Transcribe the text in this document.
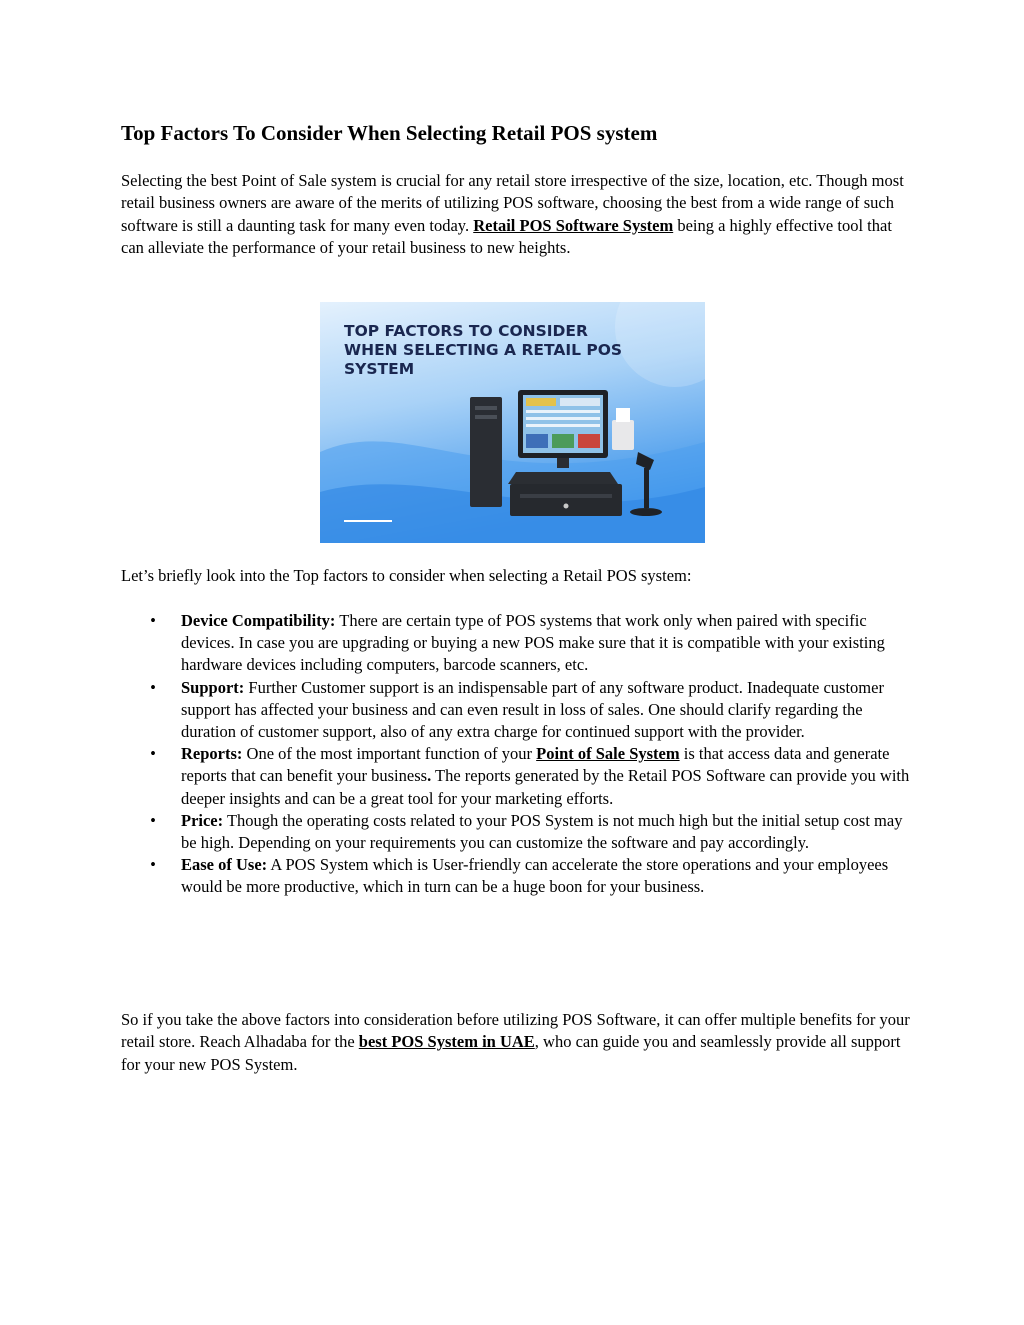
Top Factors To Consider When Selecting Retail POS system

Selecting the best Point of Sale system is crucial for any retail store irrespective of the size, location, etc. Though most retail business owners are aware of the merits of utilizing POS software, choosing the best from a wide range of such software is still a daunting task for many even today. Retail POS Software System being a highly effective tool that can alleviate the performance of your retail business to new heights.

TOP FACTORS TO CONSIDER WHEN SELECTING A RETAIL POS SYSTEM

Let’s briefly look into the Top factors to consider when selecting a Retail POS system:

•	Device Compatibility: There are certain type of POS systems that work only when paired with specific devices. In case you are upgrading or buying a new POS make sure that it is compatible with your existing hardware devices including computers, barcode scanners, etc.
•	Support: Further Customer support is an indispensable part of any software product. Inadequate customer support has affected your business and can even result in loss of sales. One should clarify regarding the duration of customer support, also of any extra charge for continued support with the provider.
•	Reports: One of the most important function of your Point of Sale System is that access data and generate reports that can benefit your business. The reports generated by the Retail POS Software can provide you with deeper insights and can be a great tool for your marketing efforts.
•	Price: Though the operating costs related to your POS System is not much high but the initial setup cost may be high. Depending on your requirements you can customize the software and pay accordingly.
•	Ease of Use: A POS System which is User-friendly can accelerate the store operations and your employees would be more productive, which in turn can be a huge boon for your business.

So if you take the above factors into consideration before utilizing POS Software, it can offer multiple benefits for your retail store. Reach Alhadaba for the best POS System in UAE, who can guide you and seamlessly provide all support for your new POS System.
